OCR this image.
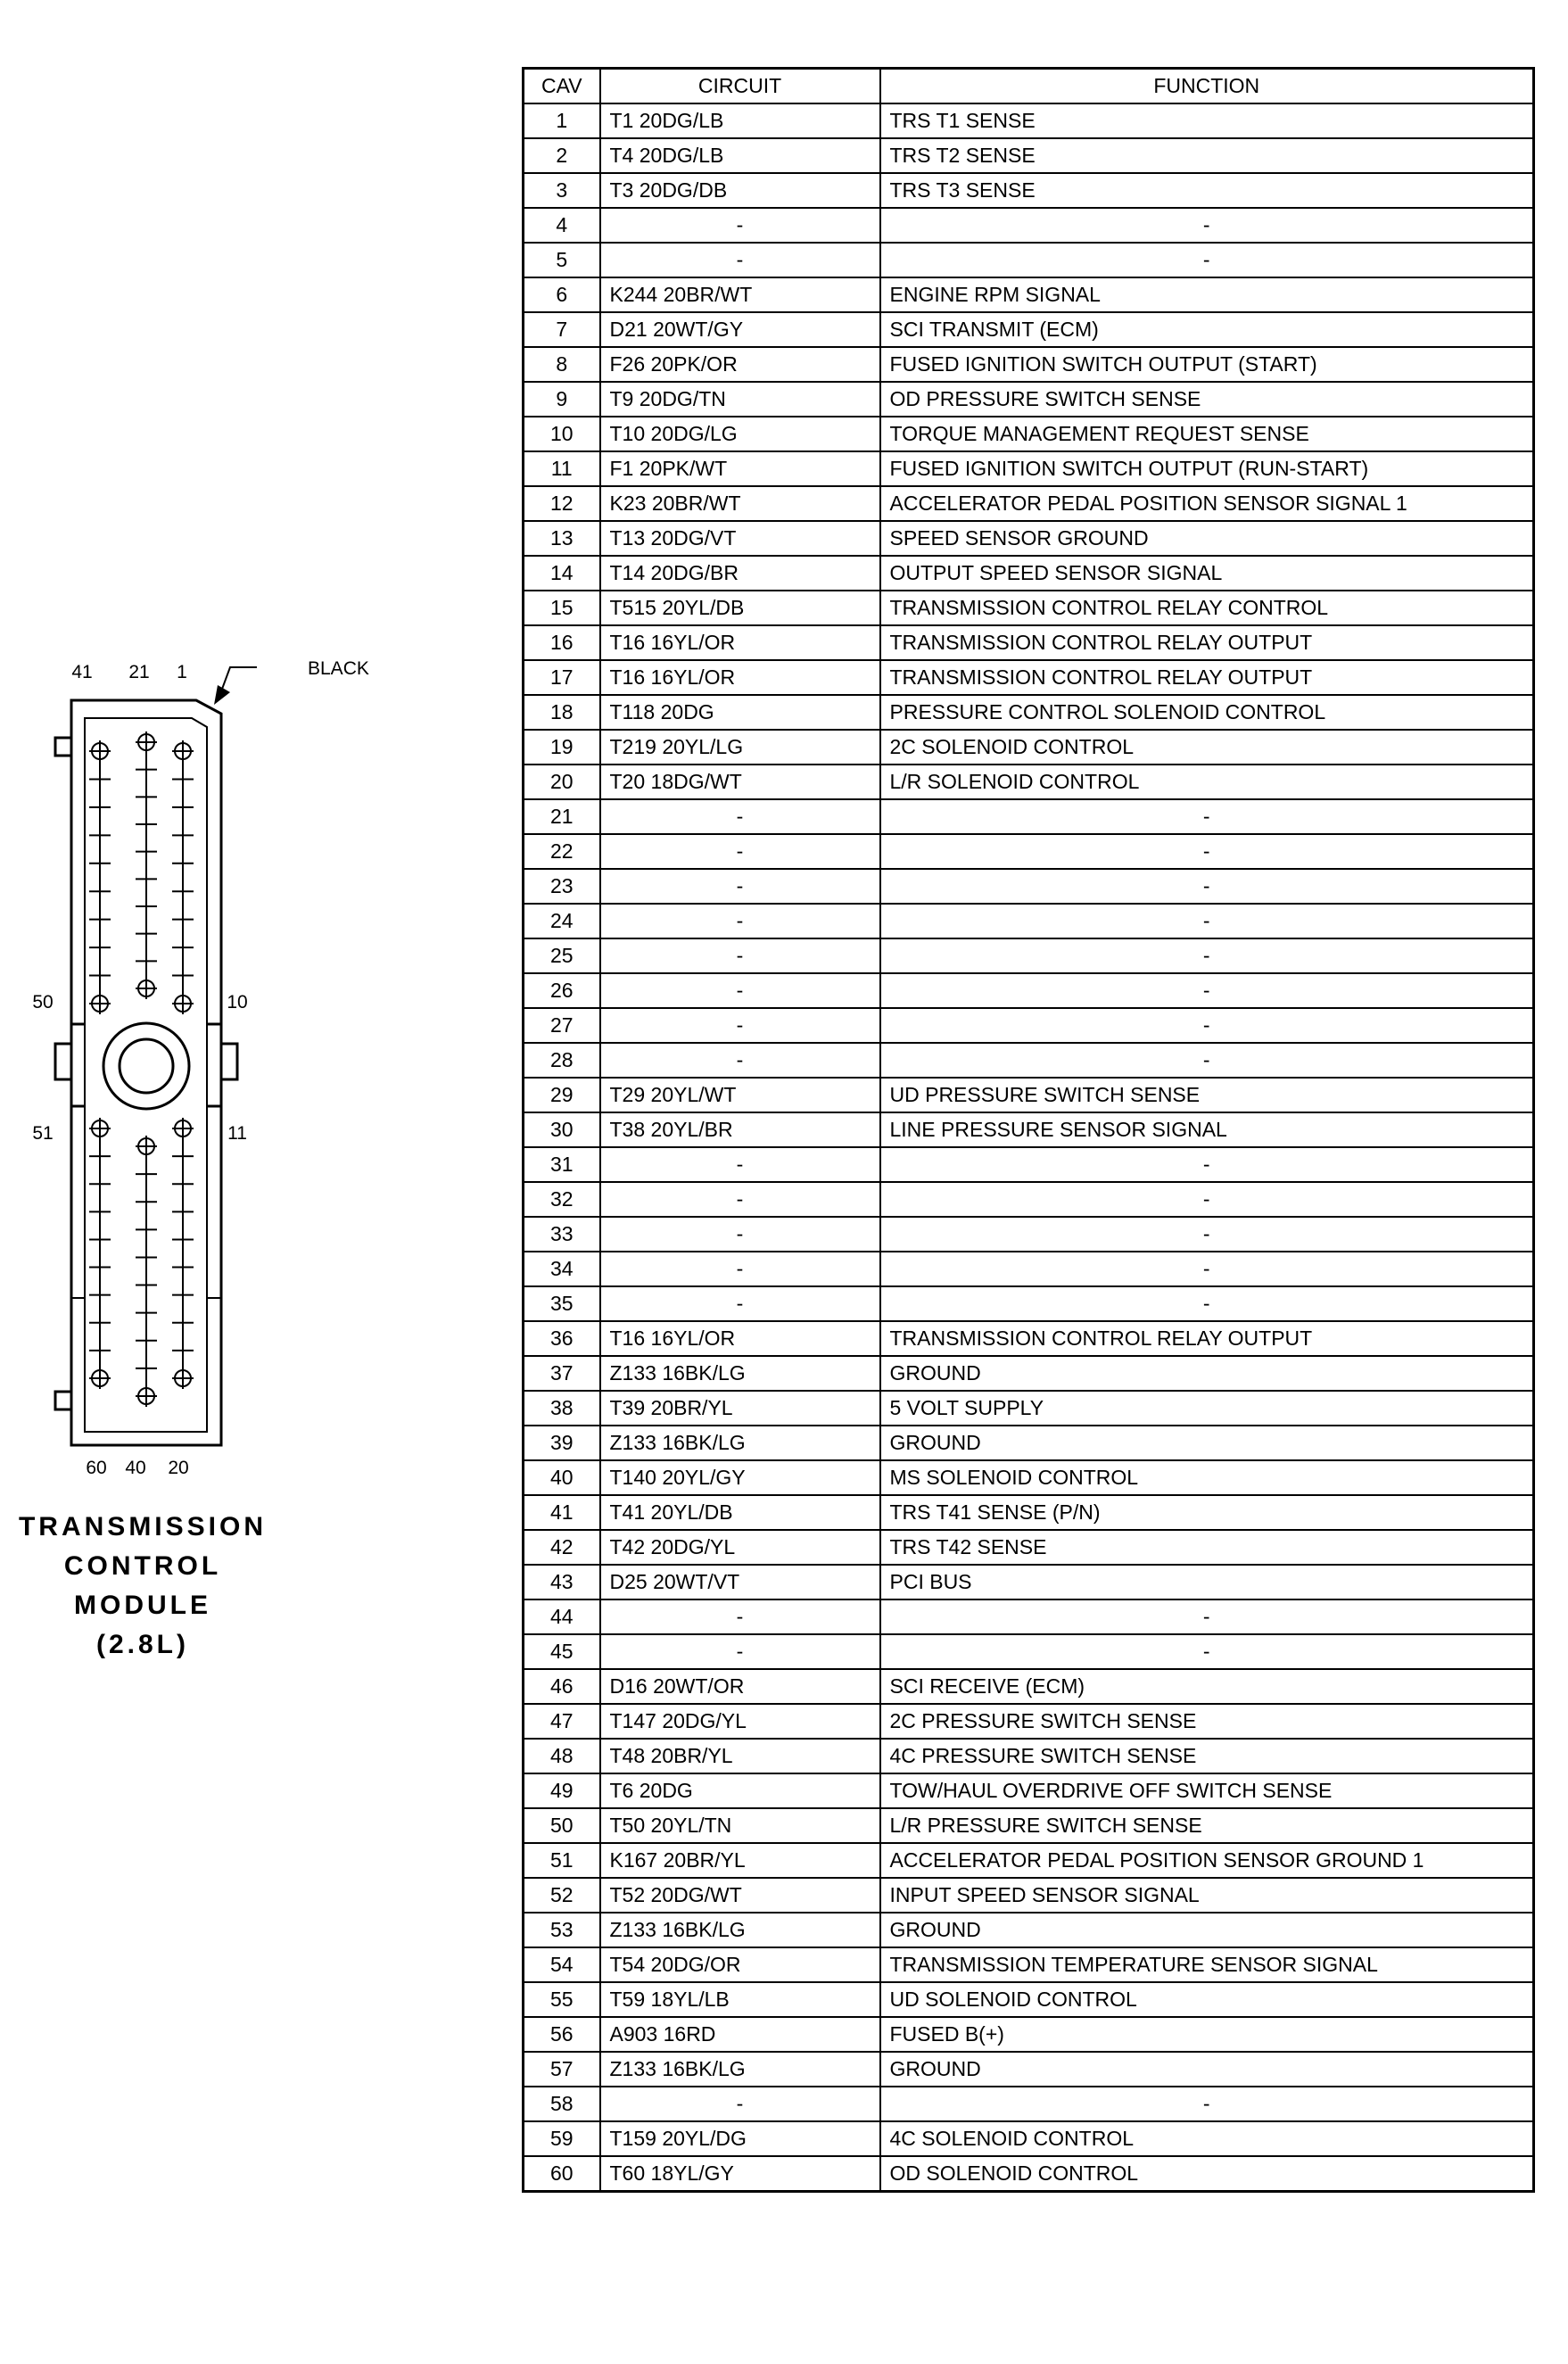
41 21 1	BLACK
50
51
10
11
60 40 20
TRANSMISSION
CONTROL
MODULE
(2.8L)
CAV	CIRCUIT	FUNCTION
1	T1 20DG/LB	TRS T1 SENSE
2	T4 20DG/LB	TRS T2 SENSE
3	T3 20DG/DB	TRS T3 SENSE
4	-	-
5	-	-
6	K244 20BR/WT	ENGINE RPM SIGNAL
7	D21 20WT/GY	SCI TRANSMIT (ECM)
8	F26 20PK/OR	FUSED IGNITION SWITCH OUTPUT (START)
9	T9 20DG/TN	OD PRESSURE SWITCH SENSE
10	T10 20DG/LG	TORQUE MANAGEMENT REQUEST SENSE
11	F1 20PK/WT	FUSED IGNITION SWITCH OUTPUT (RUN-START)
12	K23 20BR/WT	ACCELERATOR PEDAL POSITION SENSOR SIGNAL 1
13	T13 20DG/VT	SPEED SENSOR GROUND
14	T14 20DG/BR	OUTPUT SPEED SENSOR SIGNAL
15	T515 20YL/DB	TRANSMISSION CONTROL RELAY CONTROL
16	T16 16YL/OR	TRANSMISSION CONTROL RELAY OUTPUT
17	T16 16YL/OR	TRANSMISSION CONTROL RELAY OUTPUT
18	T118 20DG	PRESSURE CONTROL SOLENOID CONTROL
19	T219 20YL/LG	2C SOLENOID CONTROL
20	T20 18DG/WT	L/R SOLENOID CONTROL
21	-	-
22	-	-
23	-	-
24	-	-
25	-	-
26	-	-
27	-	-
28	-	-
29	T29 20YL/WT	UD PRESSURE SWITCH SENSE
30	T38 20YL/BR	LINE PRESSURE SENSOR SIGNAL
31	-	-
32	-	-
33	-	-
34	-	-
35	-	-
36	T16 16YL/OR	TRANSMISSION CONTROL RELAY OUTPUT
37	Z133 16BK/LG	GROUND
38	T39 20BR/YL	5 VOLT SUPPLY
39	Z133 16BK/LG	GROUND
40	T140 20YL/GY	MS SOLENOID CONTROL
41	T41 20YL/DB	TRS T41 SENSE (P/N)
42	T42 20DG/YL	TRS T42 SENSE
43	D25 20WT/VT	PCI BUS
44	-	-
45	-	-
46	D16 20WT/OR	SCI RECEIVE (ECM)
47	T147 20DG/YL	2C PRESSURE SWITCH SENSE
48	T48 20BR/YL	4C PRESSURE SWITCH SENSE
49	T6 20DG	TOW/HAUL OVERDRIVE OFF SWITCH SENSE
50	T50 20YL/TN	L/R PRESSURE SWITCH SENSE
51	K167 20BR/YL	ACCELERATOR PEDAL POSITION SENSOR GROUND 1
52	T52 20DG/WT	INPUT SPEED SENSOR SIGNAL
53	Z133 16BK/LG	GROUND
54	T54 20DG/OR	TRANSMISSION TEMPERATURE SENSOR SIGNAL
55	T59 18YL/LB	UD SOLENOID CONTROL
56	A903 16RD	FUSED B(+)
57	Z133 16BK/LG	GROUND
58	-	-
59	T159 20YL/DG	4C SOLENOID CONTROL
60	T60 18YL/GY	OD SOLENOID CONTROL
